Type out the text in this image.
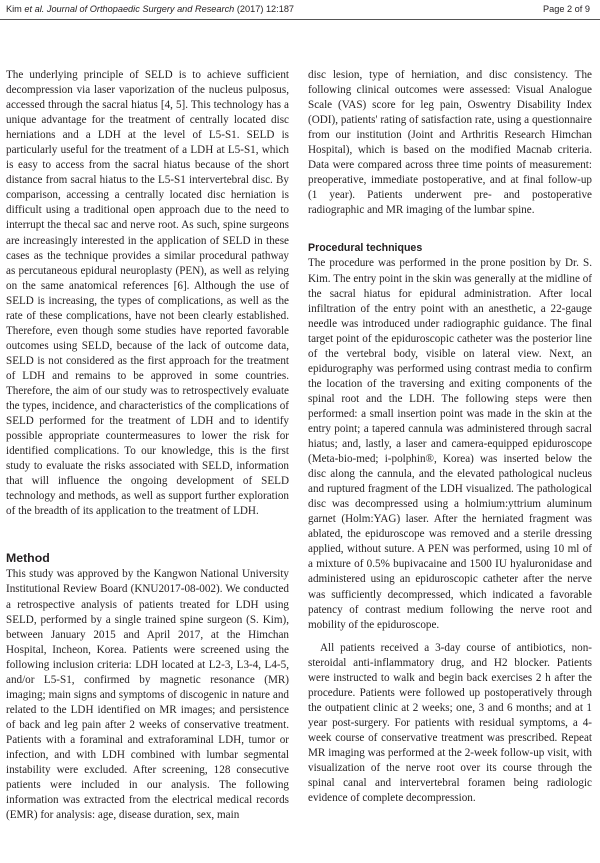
Kim et al. Journal of Orthopaedic Surgery and Research (2017) 12:187	Page 2 of 9

The underlying principle of SELD is to achieve sufficient decompression via laser vaporization of the nucleus pulposus, accessed through the sacral hiatus [4, 5]. This technology has a unique advantage for the treatment of centrally located disc herniations and a LDH at the level of L5-S1. SELD is particularly useful for the treatment of a LDH at L5-S1, which is easy to access from the sacral hiatus because of the short distance from sacral hiatus to the L5-S1 intervertebral disc. By comparison, accessing a centrally located disc herniation is difficult using a traditional open approach due to the need to interrupt the thecal sac and nerve root. As such, spine surgeons are increasingly interested in the application of SELD in these cases as the technique provides a similar procedural pathway as percutaneous epidural neuroplasty (PEN), as well as relying on the same anatomical references [6]. Although the use of SELD is increasing, the types of complications, as well as the rate of these complications, have not been clearly established. Therefore, even though some studies have reported favorable outcomes using SELD, because of the lack of outcome data, SELD is not considered as the first approach for the treatment of LDH and remains to be approved in some countries. Therefore, the aim of our study was to retrospectively evaluate the types, incidence, and characteristics of the complications of SELD performed for the treatment of LDH and to identify possible appropriate countermeasures to lower the risk for identified complications. To our knowledge, this is the first study to evaluate the risks associated with SELD, information that will influence the ongoing development of SELD technology and methods, as well as support further exploration of the breadth of its application to the treatment of LDH.

Method

This study was approved by the Kangwon National University Institutional Review Board (KNU2017-08-002). We conducted a retrospective analysis of patients treated for LDH using SELD, performed by a single trained spine surgeon (S. Kim), between January 2015 and April 2017, at the Himchan Hospital, Incheon, Korea. Patients were screened using the following inclusion criteria: LDH located at L2-3, L3-4, L4-5, and/or L5-S1, confirmed by magnetic resonance (MR) imaging; main signs and symptoms of discogenic in nature and related to the LDH identified on MR images; and persistence of back and leg pain after 2 weeks of conservative treatment. Patients with a foraminal and extraforaminal LDH, tumor or infection, and with LDH combined with lumbar segmental instability were excluded. After screening, 128 consecutive patients were included in our analysis. The following information was extracted from the electrical medical records (EMR) for analysis: age, disease duration, sex, main

disc lesion, type of herniation, and disc consistency. The following clinical outcomes were assessed: Visual Analogue Scale (VAS) score for leg pain, Oswentry Disability Index (ODI), patients' rating of satisfaction rate, using a questionnaire from our institution (Joint and Arthritis Research Himchan Hospital), which is based on the modified Macnab criteria. Data were compared across three time points of measurement: preoperative, immediate postoperative, and at final follow-up (1 year). Patients underwent pre- and postoperative radiographic and MR imaging of the lumbar spine.

Procedural techniques

The procedure was performed in the prone position by Dr. S. Kim. The entry point in the skin was generally at the midline of the sacral hiatus for epidural administration. After local infiltration of the entry point with an anesthetic, a 22-gauge needle was introduced under radiographic guidance. The final target point of the epiduroscopic catheter was the posterior line of the vertebral body, visible on lateral view. Next, an epidurography was performed using contrast media to confirm the location of the traversing and exiting components of the spinal root and the LDH. The following steps were then performed: a small insertion point was made in the skin at the entry point; a tapered cannula was administered through sacral hiatus; and, lastly, a laser and camera-equipped epiduroscope (Meta-bio-med; i-polphin®, Korea) was inserted below the disc along the cannula, and the elevated pathological nucleus and ruptured fragment of the LDH visualized. The pathological disc was decompressed using a holmium:yttrium aluminum garnet (Holm:YAG) laser. After the herniated fragment was ablated, the epiduroscope was removed and a sterile dressing applied, without suture. A PEN was performed, using 10 ml of a mixture of 0.5% bupivacaine and 1500 IU hyaluronidase and administered using an epiduroscopic catheter after the nerve was sufficiently decompressed, which indicated a favorable patency of contrast medium following the nerve root and mobility of the epiduroscope.

All patients received a 3-day course of antibiotics, non-steroidal anti-inflammatory drug, and H2 blocker. Patients were instructed to walk and begin back exercises 2 h after the procedure. Patients were followed up postoperatively through the outpatient clinic at 2 weeks; one, 3 and 6 months; and at 1 year post-surgery. For patients with residual symptoms, a 4-week course of conservative treatment was prescribed. Repeat MR imaging was performed at the 2-week follow-up visit, with visualization of the nerve root over its course through the spinal canal and intervertebral foramen being radiologic evidence of complete decompression.
